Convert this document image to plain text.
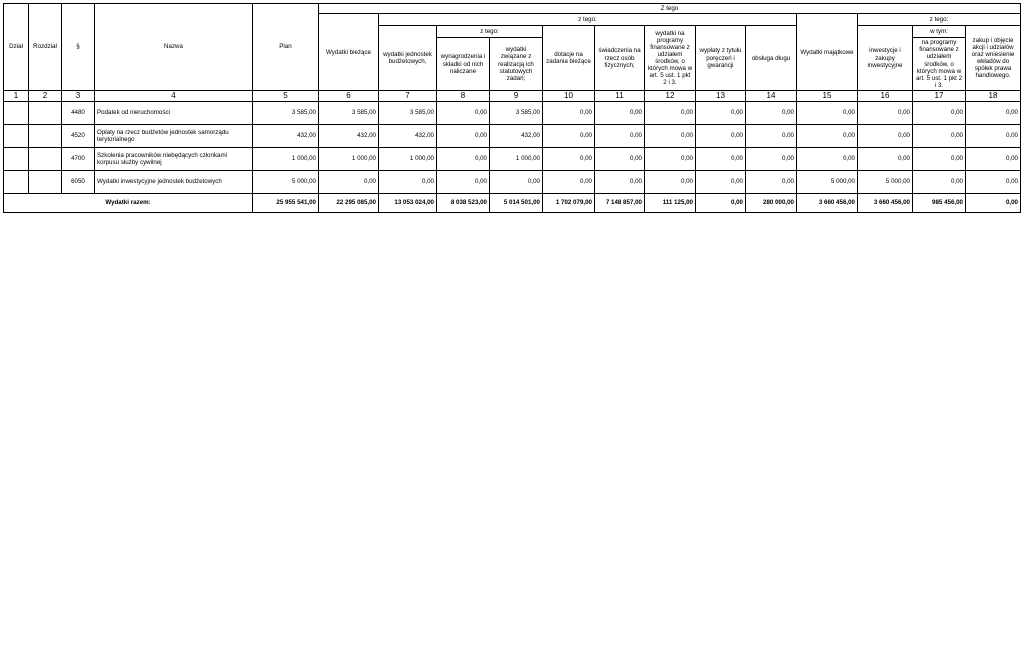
Dział	Rozdział	§	Nazwa	Plan	Z tego												
					Wydatki bieżące	z tego:								Wydatki majątkowe	z tego:		
						wydatki jednostek budżetowych,	z tego:		dotacje na zadania bieżące	świadczenia na rzecz osób fizycznych;	wydatki na programy finansowane z udziałem środków, o których mowa w art. 5 ust. 1 pkt 2 i 3.	wypłaty z tytułu poręczeń i gwarancji	obsługa długu		inwestycje i zakupy inwestycyjne	w tym:	zakup i objęcie akcji i udziałów oraz wniesienie wkładów do spółek prawa handlowego.
							wynagrodzenia i składki od nich naliczane	wydatki związane z realizacją ich statutowych zadań;								na programy finansowane z udziałem środków, o których mowa w art. 5 ust. 1 pkt 2 i 3.	
1	2	3	4	5	6	7	8	9	10	11	12	13	14	15	16	17	18
		4480	Podatek od nieruchomości	3 585,00	3 585,00	3 585,00	0,00	3 585,00	0,00	0,00	0,00	0,00	0,00	0,00	0,00	0,00	0,00
		4520	Opłaty na rzecz budżetów jednostek samorządu terytorialnego	432,00	432,00	432,00	0,00	432,00	0,00	0,00	0,00	0,00	0,00	0,00	0,00	0,00	0,00
		4700	Szkolenia pracowników niebędących członkami korpusu służby cywilnej	1 000,00	1 000,00	1 000,00	0,00	1 000,00	0,00	0,00	0,00	0,00	0,00	0,00	0,00	0,00	0,00
		6050	Wydatki inwestycyjne jednostek budżetowych	5 000,00	0,00	0,00	0,00	0,00	0,00	0,00	0,00	0,00	0,00	5 000,00	5 000,00	0,00	0,00
Wydatki razem:				25 955 541,00	22 295 085,00	13 053 024,00	8 038 523,00	5 014 501,00	1 702 079,00	7 148 857,00	111 125,00	0,00	280 000,00	3 660 456,00	3 660 456,00	985 456,00	0,00
